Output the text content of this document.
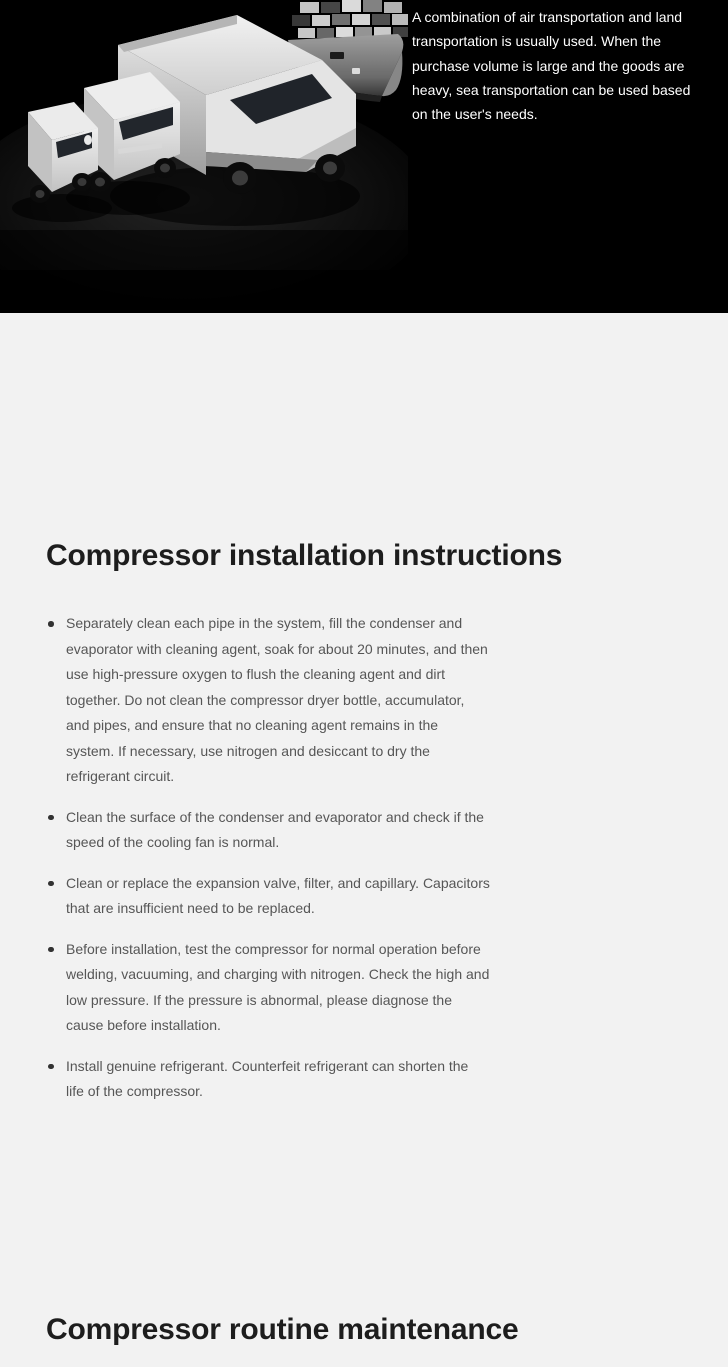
A combination of air transportation and land transportation is usually used. When the purchase volume is large and the goods are heavy, sea transportation can be used based on the user's needs.

Compressor installation instructions
Separately clean each pipe in the system, fill the condenser and evaporator with cleaning agent, soak for about 20 minutes, and then use high-pressure oxygen to flush the cleaning agent and dirt together. Do not clean the compressor dryer bottle, accumulator, and pipes, and ensure that no cleaning agent remains in the system. If necessary, use nitrogen and desiccant to dry the refrigerant circuit.
Clean the surface of the condenser and evaporator and check if the speed of the cooling fan is normal.
Clean or replace the expansion valve, filter, and capillary. Capacitors that are insufficient need to be replaced.
Before installation, test the compressor for normal operation before welding, vacuuming, and charging with nitrogen. Check the high and low pressure. If the pressure is abnormal, please diagnose the cause before installation.
Install genuine refrigerant. Counterfeit refrigerant can shorten the life of the compressor.
Compressor routine maintenance
